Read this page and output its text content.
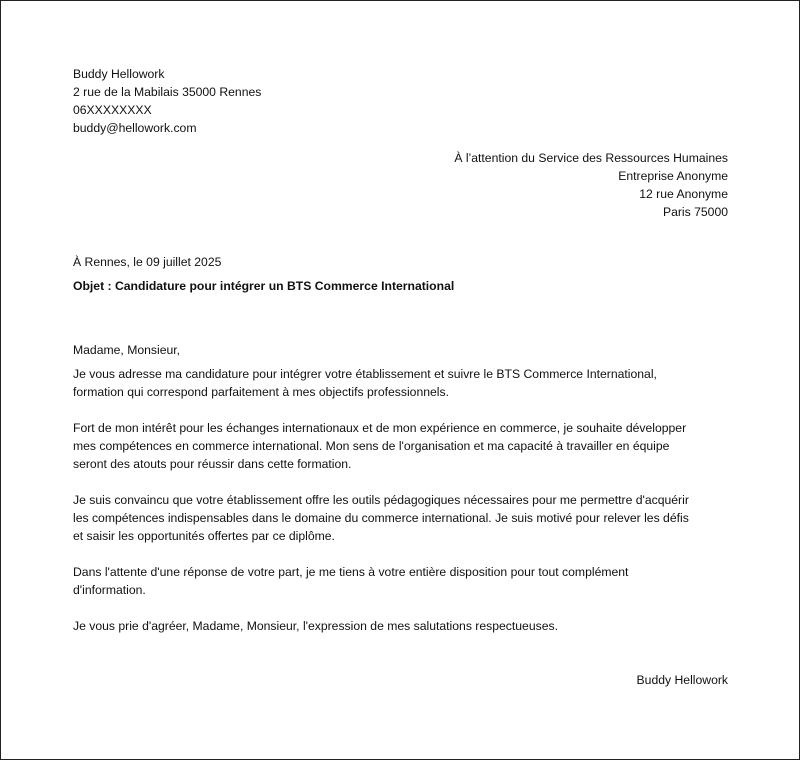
Buddy Hellowork
2 rue de la Mabilais 35000 Rennes
06XXXXXXXX
buddy@hellowork.com
À l’attention du Service des Ressources Humaines
Entreprise Anonyme
12 rue Anonyme
Paris 75000
À Rennes, le 09 juillet 2025
Objet : Candidature pour intégrer un BTS Commerce International
Madame, Monsieur,

Je vous adresse ma candidature pour intégrer votre établissement et suivre le BTS Commerce International,
formation qui correspond parfaitement à mes objectifs professionnels.

Fort de mon intérêt pour les échanges internationaux et de mon expérience en commerce, je souhaite développer
mes compétences en commerce international. Mon sens de l'organisation et ma capacité à travailler en équipe
seront des atouts pour réussir dans cette formation.

Je suis convaincu que votre établissement offre les outils pédagogiques nécessaires pour me permettre d'acquérir
les compétences indispensables dans le domaine du commerce international. Je suis motivé pour relever les défis
et saisir les opportunités offertes par ce diplôme.

Dans l'attente d'une réponse de votre part, je me tiens à votre entière disposition pour tout complément
d'information.

Je vous prie d'agréer, Madame, Monsieur, l'expression de mes salutations respectueuses.

Buddy Hellowork
